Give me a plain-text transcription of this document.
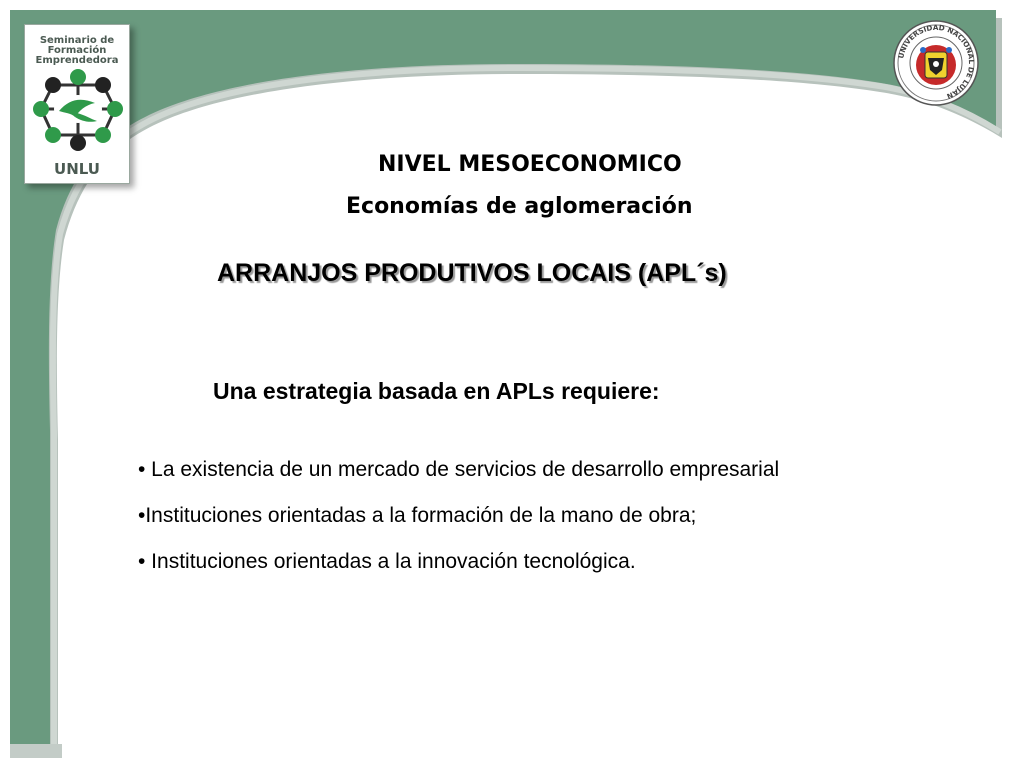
Seminario de
Formación
Emprendedora
UNLU
UNIVERSIDAD NACIONAL DE LUJAN
NIVEL MESOECONOMICO
Economías de aglomeración
ARRANJOS PRODUTIVOS LOCAIS (APL´s)
Una estrategia basada en APLs requiere:
• La existencia de un mercado de servicios de desarrollo empresarial
•Instituciones orientadas a la formación de la mano de obra;
• Instituciones orientadas a la innovación tecnológica.
